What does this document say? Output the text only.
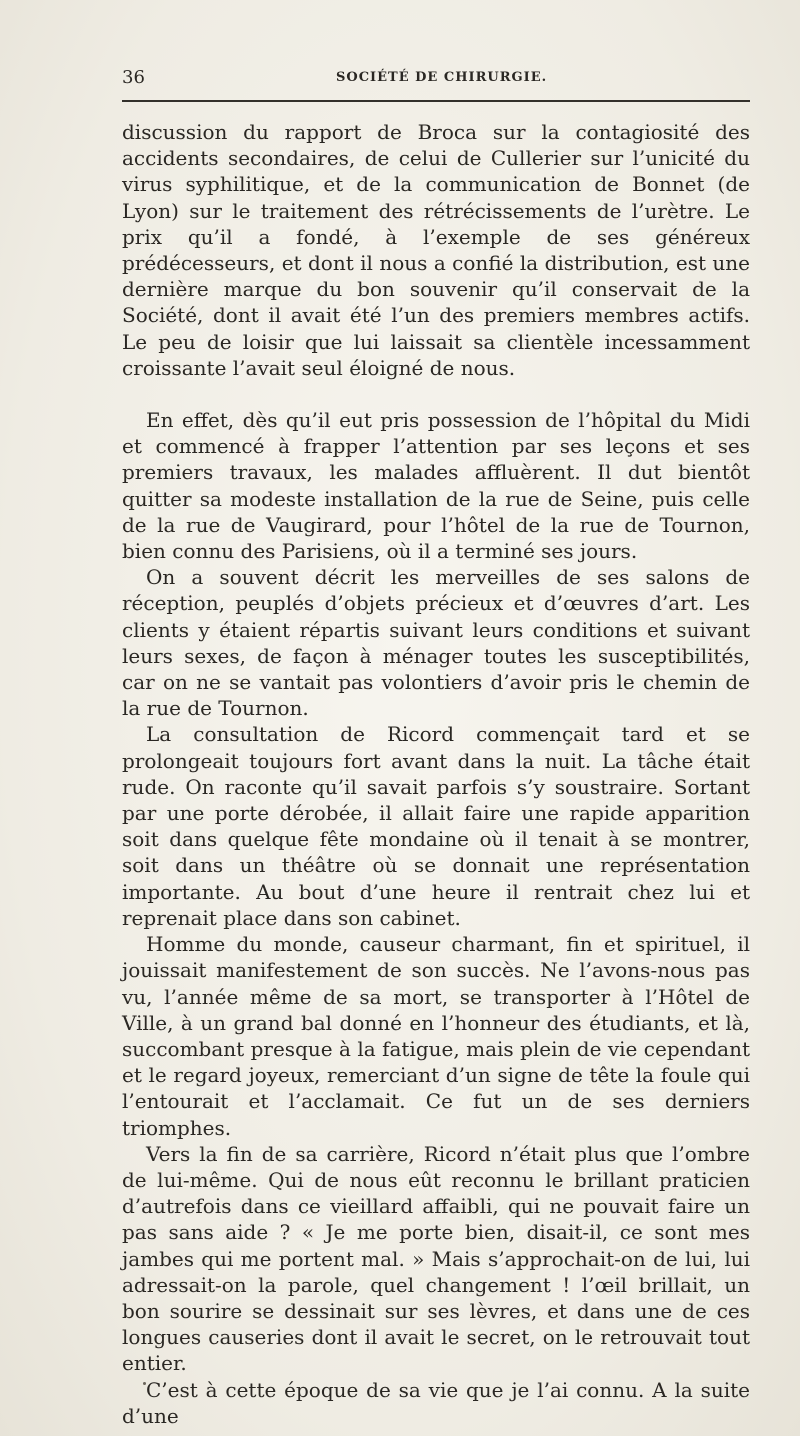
36	SOCIÉTÉ DE CHIRURGIE.

discussion du rapport de Broca sur la contagiosité des accidents secondaires, de celui de Cullerier sur l’unicité du virus syphilitique, et de la communication de Bonnet (de Lyon) sur le traitement des rétrécissements de l’urètre. Le prix qu’il a fondé, à l’exemple de ses généreux prédécesseurs, et dont il nous a confié la distribution, est une dernière marque du bon souvenir qu’il conservait de la Société, dont il avait été l’un des premiers membres actifs. Le peu de loisir que lui laissait sa clientèle incessamment croissante l’avait seul éloigné de nous.

En effet, dès qu’il eut pris possession de l’hôpital du Midi et commencé à frapper l’attention par ses leçons et ses premiers travaux, les malades affluèrent. Il dut bientôt quitter sa modeste installation de la rue de Seine, puis celle de la rue de Vaugirard, pour l’hôtel de la rue de Tournon, bien connu des Parisiens, où il a terminé ses jours.

On a souvent décrit les merveilles de ses salons de réception, peuplés d’objets précieux et d’œuvres d’art. Les clients y étaient répartis suivant leurs conditions et suivant leurs sexes, de façon à ménager toutes les susceptibilités, car on ne se vantait pas volontiers d’avoir pris le chemin de la rue de Tournon.

La consultation de Ricord commençait tard et se prolongeait toujours fort avant dans la nuit. La tâche était rude. On raconte qu’il savait parfois s’y soustraire. Sortant par une porte dérobée, il allait faire une rapide apparition soit dans quelque fête mondaine où il tenait à se montrer, soit dans un théâtre où se donnait une représentation importante. Au bout d’une heure il rentrait chez lui et reprenait place dans son cabinet.

Homme du monde, causeur charmant, fin et spirituel, il jouissait manifestement de son succès. Ne l’avons-nous pas vu, l’année même de sa mort, se transporter à l’Hôtel de Ville, à un grand bal donné en l’honneur des étudiants, et là, succombant presque à la fatigue, mais plein de vie cependant et le regard joyeux, remerciant d’un signe de tête la foule qui l’entourait et l’acclamait. Ce fut un de ses derniers triomphes.

Vers la fin de sa carrière, Ricord n’était plus que l’ombre de lui-même. Qui de nous eût reconnu le brillant praticien d’autrefois dans ce vieillard affaibli, qui ne pouvait faire un pas sans aide ? « Je me porte bien, disait-il, ce sont mes jambes qui me portent mal. » Mais s’approchait-on de lui, lui adressait-on la parole, quel changement ! l’œil brillait, un bon sourire se dessinait sur ses lèvres, et dans une de ces longues causeries dont il avait le secret, on le retrouvait tout entier.

C’est à cette époque de sa vie que je l’ai connu. A la suite d’une
